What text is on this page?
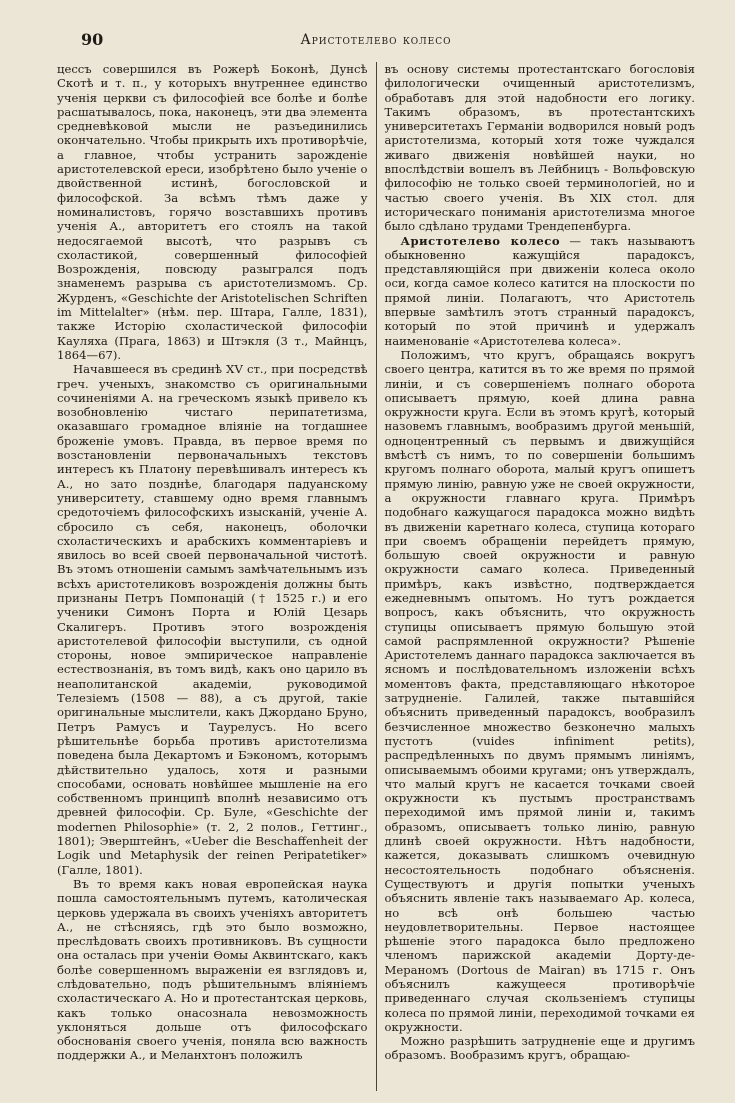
90	Аристотелево колесо

цессъ совершился въ Рожерѣ Боконѣ, Дунсѣ Скотѣ и т. п., у которыхъ внутреннее единство ученія церкви съ философіей все болѣе и болѣе расшатывалось, пока, наконецъ, эти два элемента средневѣковой мысли не разъединились окончательно. Чтобы прикрыть ихъ противорѣчіе, а главное, чтобы устранить зарожденіе аристотелевской ереси, изобрѣтено было ученіе о двойственной истинѣ, богословской и философской. За всѣмъ тѣмъ даже у номиналистовъ, горячо возставшихъ противъ ученія А., авторитетъ его стоялъ на такой недосягаемой высотѣ, что разрывъ съ схоластикой, совершенный философіей Возрожденія, повсюду разыгрался подъ знаменемъ разрыва съ аристотелизмомъ. Ср. Журденъ, «Geschichte der Aristotelischen Schriften im Mittelalter» (нѣм. пер. Штара, Галле, 1831), также Исторію схоластической философіи Кауляха (Прага, 1863) и Штэкля (3 т., Майнцъ, 1864—67).

Начавшееся въ срединѣ XV ст., при посредствѣ греч. ученыхъ, знакомство съ оригинальными сочиненіями А. на греческомъ языкѣ привело къ возобновленію чистаго перипатетизма, оказавшаго громадное вліяніе на тогдашнее броженіе умовъ. Правда, въ первое время по возстановленіи первоначальныхъ текстовъ интересъ къ Платону перевѣшивалъ интересъ къ А., но зато позднѣе, благодаря падуанскому университету, ставшему одно время главнымъ средоточіемъ философскихъ изысканій, ученіе А. сбросило съ себя, наконецъ, оболочки схоластическихъ и арабскихъ комментаріевъ и явилось во всей своей первоначальной чистотѣ. Въ этомъ отношеніи самымъ замѣчательнымъ изъ всѣхъ аристотеликовъ возрожденія должны быть признаны Петръ Помпонацій († 1525 г.) и его ученики Симонъ Порта и Юлій Цезарь Скалигеръ. Противъ этого возрожденія аристотелевой философіи выступили, съ одной стороны, новое эмпирическое направленіе естествознанія, въ томъ видѣ, какъ оно царило въ неаполитанской академіи, руководимой Телезіемъ (1508 — 88), а съ другой, такіе оригинальные мыслители, какъ Джордано Бруно, Петръ Рамусъ и Таурелусъ. Но всего рѣшительнѣе борьба противъ аристотелизма поведена была Декартомъ и Бэкономъ, которымъ дѣйствительно удалось, хотя и разными способами, основать новѣйшее мышленіе на его собственномъ принципѣ вполнѣ независимо отъ древней философіи. Ср. Буле, «Geschichte der modernen Philosophie» (т. 2, 2 полов., Геттинг., 1801); Эверштейнъ, «Ueber die Beschaffenheit der Logik und Metaphysik der reinen Peripatetiker» (Галле, 1801).

Въ то время какъ новая европейская наука пошла самостоятельнымъ путемъ, католическая церковь удержала въ своихъ ученіяхъ авторитетъ А., не стѣсняясь, гдѣ это было возможно, преслѣдовать своихъ противниковъ. Въ сущности она осталась при ученіи Ѳомы Аквинтскаго, какъ болѣе совершенномъ выраженіи ея взглядовъ и, слѣдовательно, подъ рѣшительнымъ вліяніемъ схоластическаго А. Но и протестантская церковь, какъ только онасознала невозможность уклоняться дольше отъ философскаго обоснованія своего ученія, поняла всю важность поддержки А., и Меланхтонъ положилъ

въ основу системы протестантскаго богословія филологически очищенный аристотелизмъ, обработавъ для этой надобности его логику. Такимъ образомъ, въ протестантскихъ университетахъ Германіи водворился новый родъ аристотелизма, который хотя тоже чуждался живаго движенія новѣйшей науки, но впослѣдствіи вошелъ въ Лейбницъ - Вольфовскую философію не только своей терминологіей, но и частью своего ученія. Въ XIX стол. для историческаго пониманія аристотелизма многое было сдѣлано трудами Трендепенбурга.

Аристотелево колесо — такъ называютъ обыкновенно кажущійся парадоксъ, представляющійся при движеніи колеса около оси, когда самое колесо катится на плоскости по прямой линіи. Полагаютъ, что Аристотель впервые замѣтилъ этотъ странный парадоксъ, который по этой причинѣ и удержалъ наименованіе «Аристотелева колеса».

Положимъ, что кругъ, обращаясь вокругъ своего центра, катится въ то же время по прямой линіи, и съ совершеніемъ полнаго оборота описываетъ прямую, коей длина равна окружности круга. Если въ этомъ кругѣ, который назовемъ главнымъ, вообразимъ другой меньшій, одноцентренный съ первымъ и движущійся вмѣстѣ съ нимъ, то по совершеніи большимъ кругомъ полнаго оборота, малый кругъ опишетъ прямую линію, равную уже не своей окружности, а окружности главнаго круга. Примѣръ подобнаго кажущагося парадокса можно видѣть въ движеніи каретнаго колеса, ступица котораго при своемъ обращеніи перейдетъ прямую, большую своей окружности и равную окружности самаго колеса. Приведенный примѣръ, какъ извѣстно, подтверждается ежедневнымъ опытомъ. Но тутъ рождается вопросъ, какъ объяснить, что окружность ступицы описываетъ прямую большую этой самой распрямленной окружности? Рѣшеніе Аристотелемъ даннаго парадокса заключается въ ясномъ и послѣдовательномъ изложеніи всѣхъ моментовъ факта, представляющаго нѣкоторое затрудненіе. Галилей, также пытавшійся объяснить приведенный парадоксъ, вообразилъ безчисленное множество безконечно малыхъ пустотъ (vuides infiniment petits), распредѣленныхъ по двумъ прямымъ линіямъ, описываемымъ обоими кругами; онъ утверждалъ, что малый кругъ не касается точками своей окружности къ пустымъ пространствамъ переходимой имъ прямой линіи и, такимъ образомъ, описываетъ только линію, равную длинѣ своей окружности. Нѣтъ надобности, кажется, доказывать слишкомъ очевидную несостоятельность подобнаго объясненія. Существуютъ и другія попытки ученыхъ объяснить явленіе такъ называемаго Ар. колеса, но всѣ онѣ большею частью неудовлетворительны. Первое настоящее рѣшеніе этого парадокса было предложено членомъ парижской академіи Дорту-де-Мераномъ (Dortous de Mairan) въ 1715 г. Онъ объяснилъ кажущееся противорѣчіе приведеннаго случая скользеніемъ ступицы колеса по прямой линіи, переходимой точками ея окружности.

Можно разрѣшить затрудненіе еще и другимъ образомъ. Вообразимъ кругъ, обращаю-
